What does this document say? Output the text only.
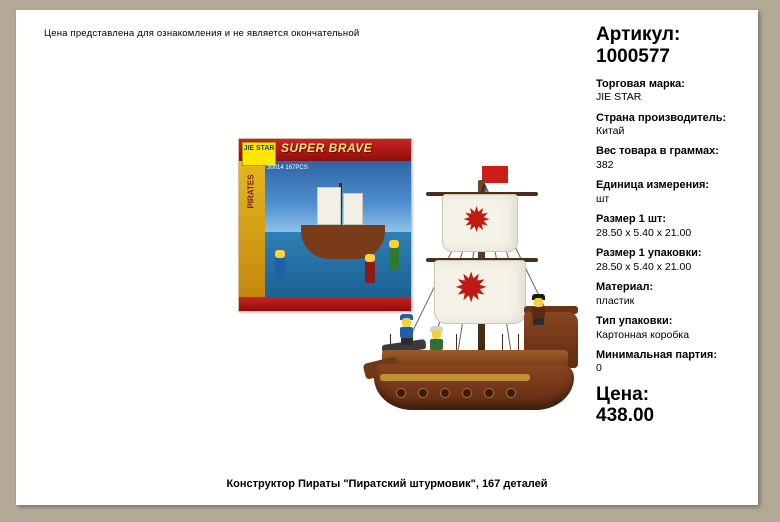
Цена представлена для ознакомления и не является окончательной
JIE STAR SUPER BRAVE
PIRATES
30014 167PCS
✹
✹
Артикул:
1000577
Торговая марка:
JIE STAR
Страна производитель:
Китай
Вес товара в граммах:
382
Единица измерения:
шт
Размер 1 шт:
28.50 x 5.40 x 21.00
Размер 1 упаковки:
28.50 x 5.40 x 21.00
Материал:
пластик
Тип упаковки:
Картонная коробка
Минимальная партия:
0
Цена:
438.00
Конструктор Пираты "Пиратский штурмовик", 167 деталей
